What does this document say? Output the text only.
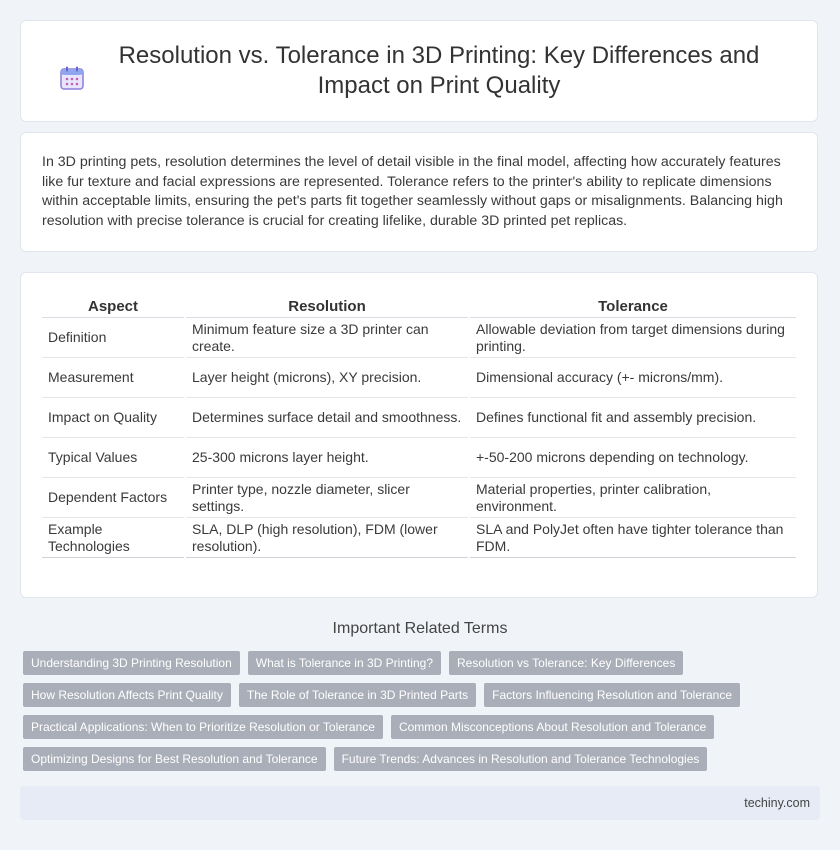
Resolution vs. Tolerance in 3D Printing: Key Differences and Impact on Print Quality

In 3D printing pets, resolution determines the level of detail visible in the final model, affecting how accurately features like fur texture and facial expressions are represented. Tolerance refers to the printer's ability to replicate dimensions within acceptable limits, ensuring the pet's parts fit together seamlessly without gaps or misalignments. Balancing high resolution with precise tolerance is crucial for creating lifelike, durable 3D printed pet replicas.

Aspect	Resolution	Tolerance
Definition	Minimum feature size a 3D printer can create.	Allowable deviation from target dimensions during printing.
Measurement	Layer height (microns), XY precision.	Dimensional accuracy (+- microns/mm).
Impact on Quality	Determines surface detail and smoothness.	Defines functional fit and assembly precision.
Typical Values	25-300 microns layer height.	+-50-200 microns depending on technology.
Dependent Factors	Printer type, nozzle diameter, slicer settings.	Material properties, printer calibration, environment.
Example Technologies	SLA, DLP (high resolution), FDM (lower resolution).	SLA and PolyJet often have tighter tolerance than FDM.
Important Related Terms
Understanding 3D Printing Resolution	What is Tolerance in 3D Printing?	Resolution vs Tolerance: Key Differences
How Resolution Affects Print Quality	The Role of Tolerance in 3D Printed Parts	Factors Influencing Resolution and Tolerance
Practical Applications: When to Prioritize Resolution or Tolerance	Common Misconceptions About Resolution and Tolerance
Optimizing Designs for Best Resolution and Tolerance	Future Trends: Advances in Resolution and Tolerance Technologies
techiny.com
